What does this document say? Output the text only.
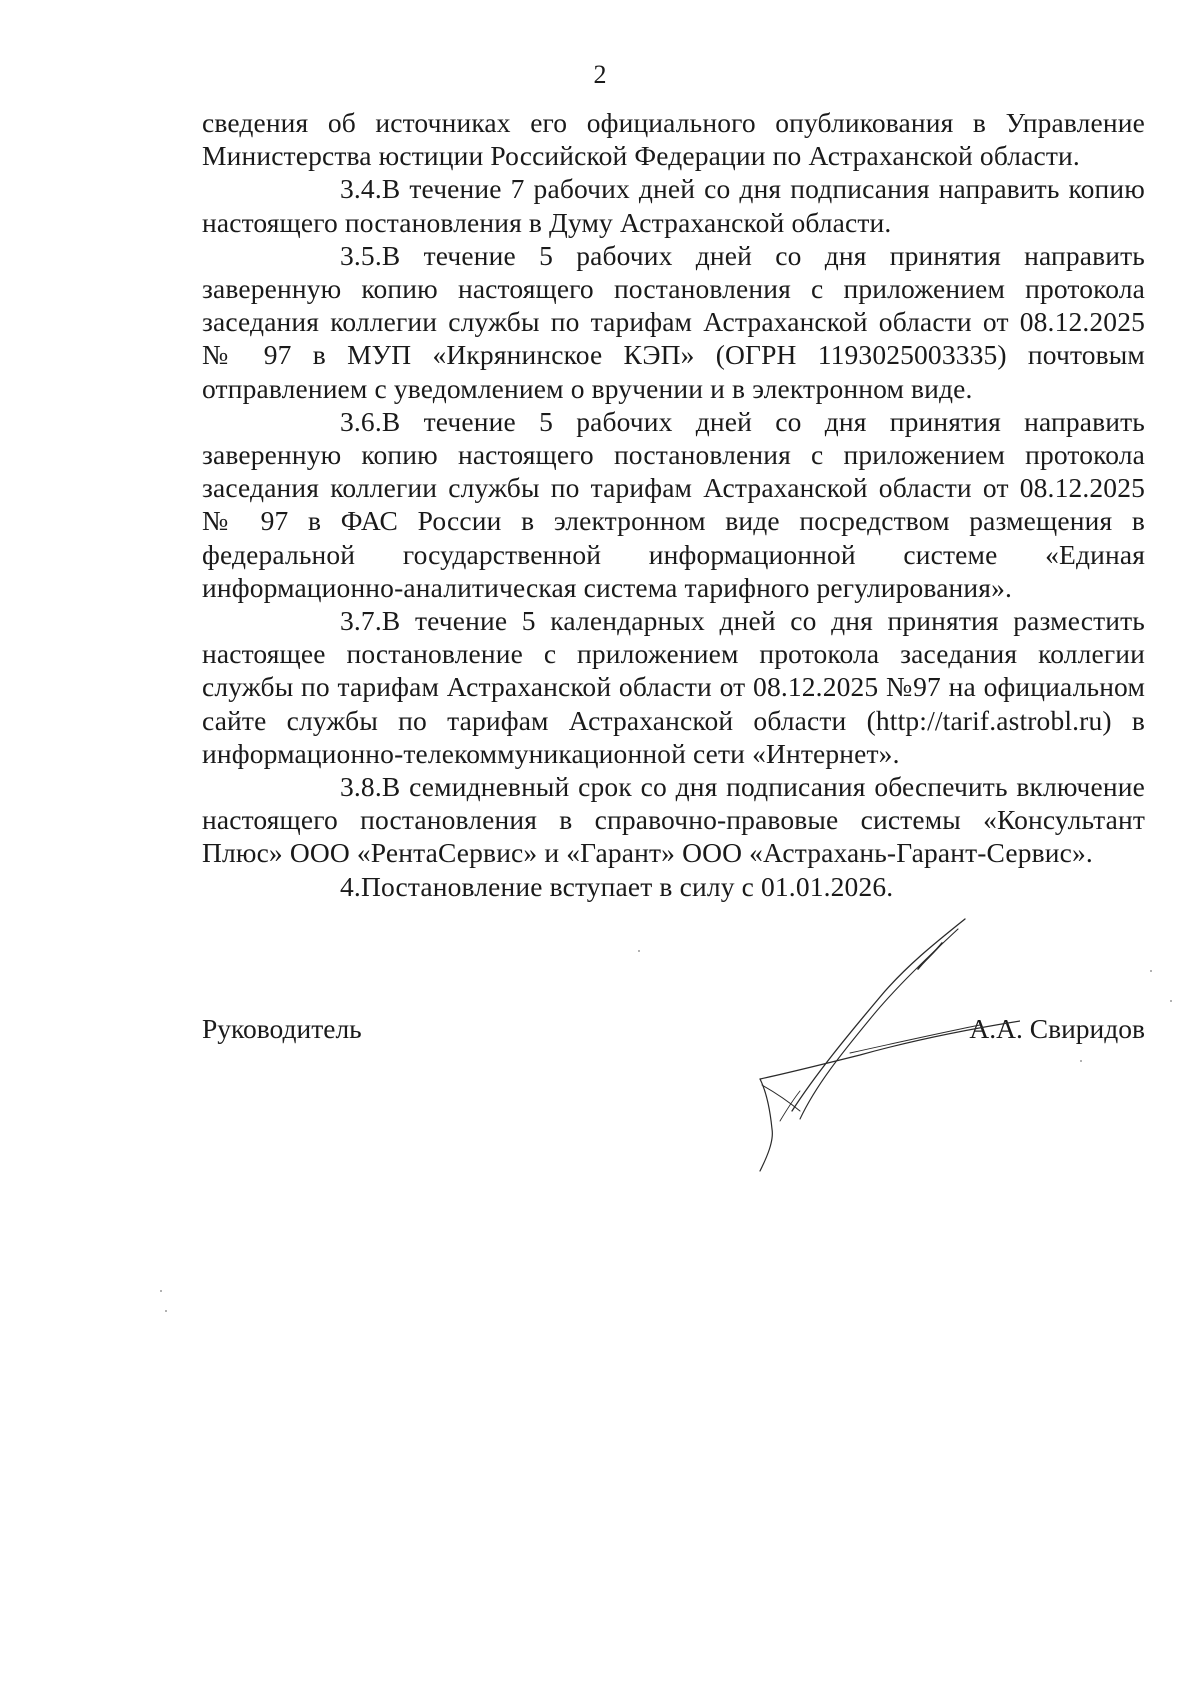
2

сведения об источниках его официального опубликования в Управление Министерства юстиции Российской Федерации по Астраханской области.

3.4.В течение 7 рабочих дней со дня подписания направить копию настоящего постановления в Думу Астраханской области.

3.5.В течение 5 рабочих дней со дня принятия направить заверенную копию настоящего постановления с приложением протокола заседания коллегии службы по тарифам Астраханской области от 08.12.2025 № 97 в МУП «Икрянинское КЭП» (ОГРН 1193025003335) почтовым отправлением с уведомлением о вручении и в электронном виде.

3.6.В течение 5 рабочих дней со дня принятия направить заверенную копию настоящего постановления с приложением протокола заседания коллегии службы по тарифам Астраханской области от 08.12.2025 № 97 в ФАС России в электронном виде посредством размещения в федеральной государственной информационной системе «Единая информационно-аналитическая система тарифного регулирования».

3.7.В течение 5 календарных дней со дня принятия разместить настоящее постановление с приложением протокола заседания коллегии службы по тарифам Астраханской области от 08.12.2025 №97 на официальном сайте службы по тарифам Астраханской области (http://tarif.astrobl.ru) в информационно-телекоммуникационной сети «Интернет».

3.8.В семидневный срок со дня подписания обеспечить включение настоящего постановления в справочно-правовые системы «Консультант Плюс» ООО «РентаСервис» и «Гарант» ООО «Астрахань-Гарант-Сервис».

4.Постановление вступает в силу с 01.01.2026.

Руководитель	А.А. Свиридов
